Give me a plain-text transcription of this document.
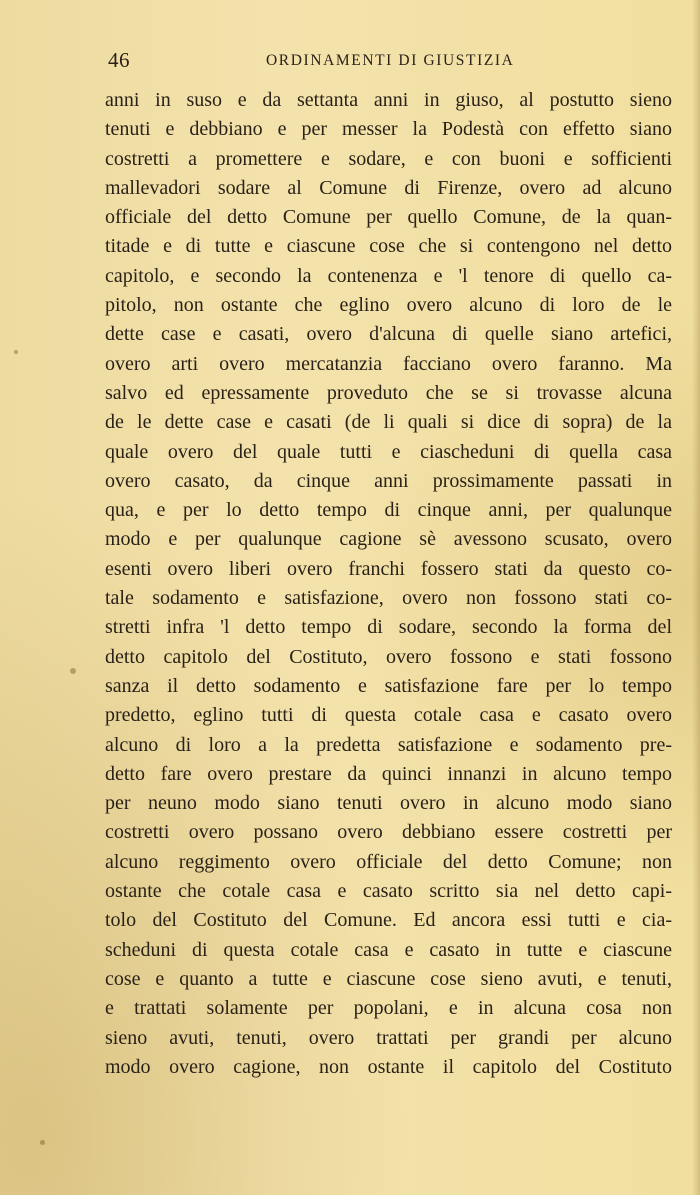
46	ORDINAMENTI DI GIUSTIZIA
anni in suso e da settanta anni in giuso, al postutto sieno
tenuti e debbiano e per messer la Podestà con effetto siano
costretti a promettere e sodare, e con buoni e sofficienti
mallevadori sodare al Comune di Firenze, overo ad alcuno
officiale del detto Comune per quello Comune, de la quan-
titade e di tutte e ciascune cose che si contengono nel detto
capitolo, e secondo la contenenza e 'l tenore di quello ca-
pitolo, non ostante che eglino overo alcuno di loro de le
dette case e casati, overo d'alcuna di quelle siano artefici,
overo arti overo mercatanzia facciano overo faranno. Ma
salvo ed epressamente proveduto che se si trovasse alcuna
de le dette case e casati (de li quali si dice di sopra) de la
quale overo del quale tutti e ciascheduni di quella casa
overo casato, da cinque anni prossimamente passati in
qua, e per lo detto tempo di cinque anni, per qualunque
modo e per qualunque cagione sè avessono scusato, overo
esenti overo liberi overo franchi fossero stati da questo co-
tale sodamento e satisfazione, overo non fossono stati co-
stretti infra 'l detto tempo di sodare, secondo la forma del
detto capitolo del Costituto, overo fossono e stati fossono
sanza il detto sodamento e satisfazione fare per lo tempo
predetto, eglino tutti di questa cotale casa e casato overo
alcuno di loro a la predetta satisfazione e sodamento pre-
detto fare overo prestare da quinci innanzi in alcuno tempo
per neuno modo siano tenuti overo in alcuno modo siano
costretti overo possano overo debbiano essere costretti per
alcuno reggimento overo officiale del detto Comune; non
ostante che cotale casa e casato scritto sia nel detto capi-
tolo del Costituto del Comune. Ed ancora essi tutti e cia-
scheduni di questa cotale casa e casato in tutte e ciascune
cose e quanto a tutte e ciascune cose sieno avuti, e tenuti,
e trattati solamente per popolani, e in alcuna cosa non
sieno avuti, tenuti, overo trattati per grandi per alcuno
modo overo cagione, non ostante il capitolo del Costituto
